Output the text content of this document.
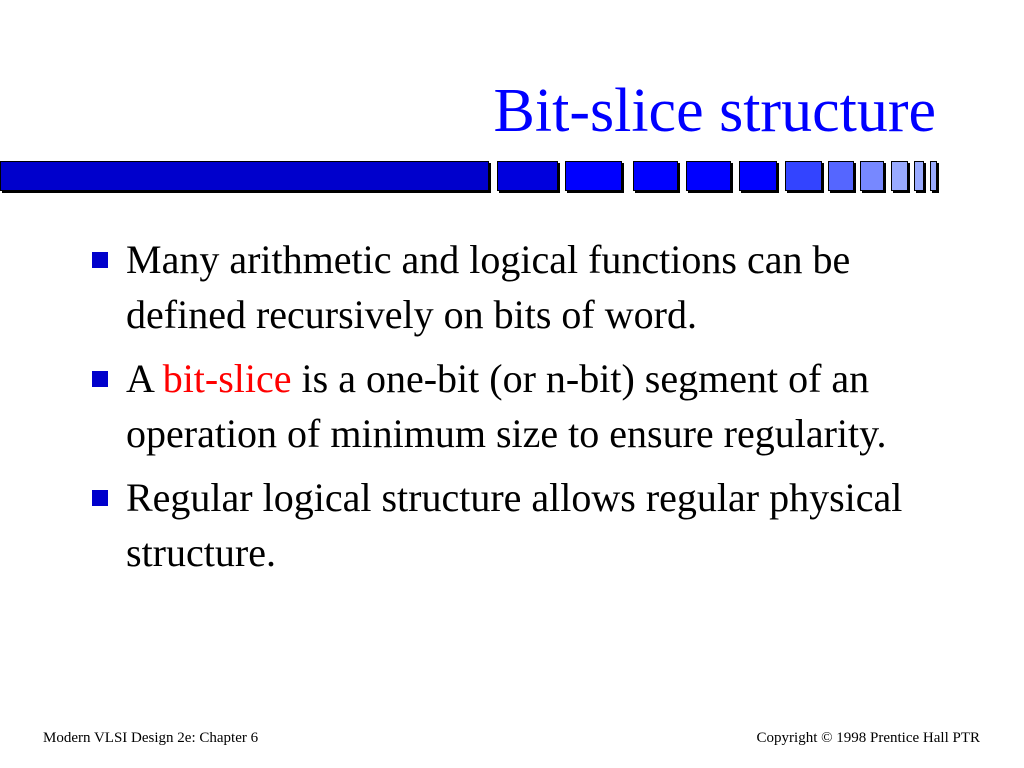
Bit-slice structure
Many arithmetic and logical functions can be defined recursively on bits of word.
A bit-slice is a one-bit (or n-bit) segment of an operation of minimum size to ensure regularity.
Regular logical structure allows regular physical structure.
Modern VLSI Design 2e: Chapter 6	Copyright © 1998 Prentice Hall PTR
